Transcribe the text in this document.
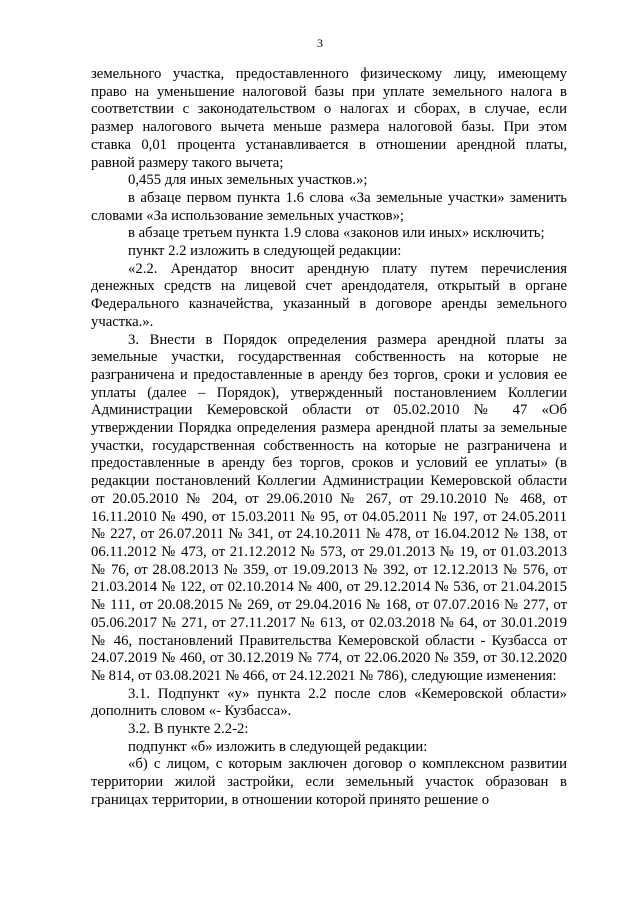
3

земельного участка, предоставленного физическому лицу, имеющему право на уменьшение налоговой базы при уплате земельного налога в соответствии с законодательством о налогах и сборах, в случае, если размер налогового вычета меньше размера налоговой базы. При этом ставка 0,01 процента устанавливается в отношении арендной платы, равной размеру такого вычета;

0,455 для иных земельных участков.»;

в абзаце первом пункта 1.6 слова «За земельные участки» заменить словами «За использование земельных участков»;

в абзаце третьем пункта 1.9 слова «законов или иных» исключить;

пункт 2.2 изложить в следующей редакции:

«2.2. Арендатор вносит арендную плату путем перечисления денежных средств на лицевой счет арендодателя, открытый в органе Федерального казначейства, указанный в договоре аренды земельного участка.».

3. Внести в Порядок определения размера арендной платы за земельные участки, государственная собственность на которые не разграничена и предоставленные в аренду без торгов, сроки и условия ее уплаты (далее – Порядок), утвержденный постановлением Коллегии Администрации Кемеровской области от 05.02.2010 № 47 «Об утверждении Порядка определения размера арендной платы за земельные участки, государственная собственность на которые не разграничена и предоставленные в аренду без торгов, сроков и условий ее уплаты» (в редакции постановлений Коллегии Администрации Кемеровской области от 20.05.2010 № 204, от 29.06.2010 № 267, от 29.10.2010 № 468, от 16.11.2010 № 490, от 15.03.2011 № 95, от 04.05.2011 № 197, от 24.05.2011 № 227, от 26.07.2011 № 341, от 24.10.2011 № 478, от 16.04.2012 № 138, от 06.11.2012 № 473, от 21.12.2012 № 573, от 29.01.2013 № 19, от 01.03.2013 № 76, от 28.08.2013 № 359, от 19.09.2013 № 392, от 12.12.2013 № 576, от 21.03.2014 № 122, от 02.10.2014 № 400, от 29.12.2014 № 536, от 21.04.2015 № 111, от 20.08.2015 № 269, от 29.04.2016 № 168, от 07.07.2016 № 277, от 05.06.2017 № 271, от 27.11.2017 № 613, от 02.03.2018 № 64, от 30.01.2019 № 46, постановлений Правительства Кемеровской области - Кузбасса от 24.07.2019 № 460, от 30.12.2019 № 774, от 22.06.2020 № 359, от 30.12.2020 № 814, от 03.08.2021 № 466, от 24.12.2021 № 786), следующие изменения:

3.1. Подпункт «у» пункта 2.2 после слов «Кемеровской области» дополнить словом «- Кузбасса».

3.2. В пункте 2.2-2:

подпункт «б» изложить в следующей редакции:

«б) с лицом, с которым заключен договор о комплексном развитии территории жилой застройки, если земельный участок образован в границах территории, в отношении которой принято решение о
